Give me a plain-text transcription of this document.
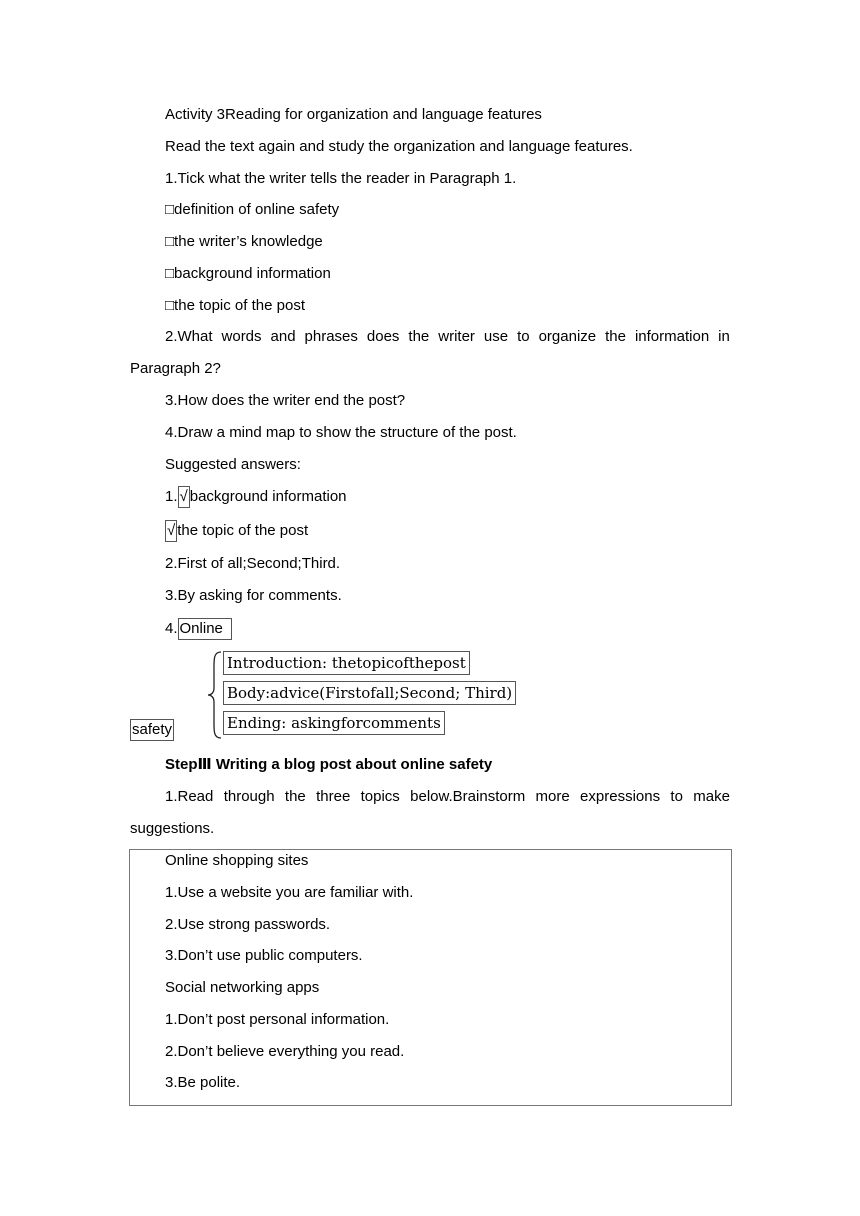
Activity 3Reading for organization and language features
Read the text again and study the organization and language features.
1.Tick what the writer tells the reader in Paragraph 1.
□definition of online safety
□the writer’s knowledge
□background information
□the topic of the post
2.What words and phrases does the writer use to organize the information in
Paragraph 2?
3.How does the writer end the post?
4.Draw a mind map to show the structure of the post.
Suggested answers:
1. √ background information
√ the topic of the post
2.First of all;Second;Third.
3.By asking for comments.
4. Online
Introduction: thetopicofthepost
Body:advice(Firstofall;Second; Third)
Ending: askingforcomments
safety
StepⅢ Writing a blog post about online safety
1.Read through the three topics below.Brainstorm more expressions to make
suggestions.
Online shopping sites
1.Use a website you are familiar with.
2.Use strong passwords.
3.Don’t use public computers.
Social networking apps
1.Don’t post personal information.
2.Don’t believe everything you read.
3.Be polite.
